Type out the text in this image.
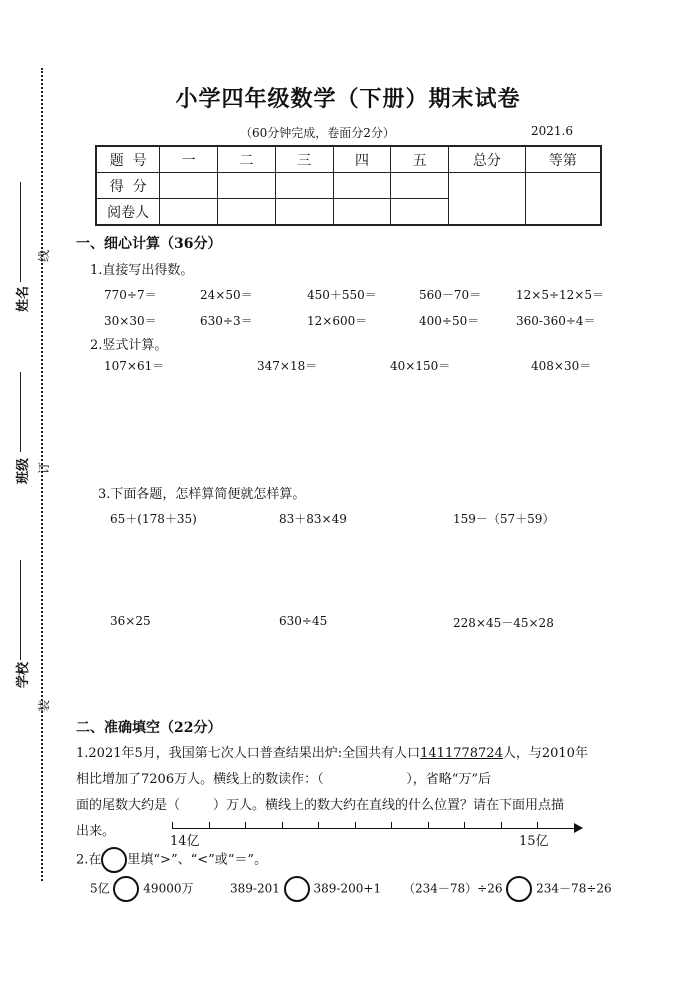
姓名
线
班级 订
学校
装
小学四年级数学（下册）期末试卷
（60分钟完成，卷面分2分）	2021.6
题  号	一	二	三	四	五	总分	等第
得  分							
阅卷人							
一、细心计算（36分）
1.直接写出得数。
770÷7＝	24×50＝	450＋550＝	560－70＝	12×5÷12×5＝
30×30＝	630÷3＝	12×600＝	400÷50＝	360-360÷4＝
2.竖式计算。
107×61＝	347×18＝	40×150＝	408×30＝
3.下面各题，怎样算简便就怎样算。
65＋(178＋35)	83＋83×49	159－（57＋59）
36×25	630÷45	228×45－45×28
二、准确填空（22分）
1.2021年5月，我国第七次人口普查结果出炉:全国共有人口1411778724人，与2010年
相比增加了7206万人。横线上的数读作：（                    ），省略“万”后
面的尾数大约是（        ）万人。横线上的数大约在直线的什么位置？请在下面用点描
出来。
14亿	15亿
2.在 里填“>”、“<”或“＝”。
5亿	49000万	389-201	389-200+1 （234－78）÷26	234－78÷26
